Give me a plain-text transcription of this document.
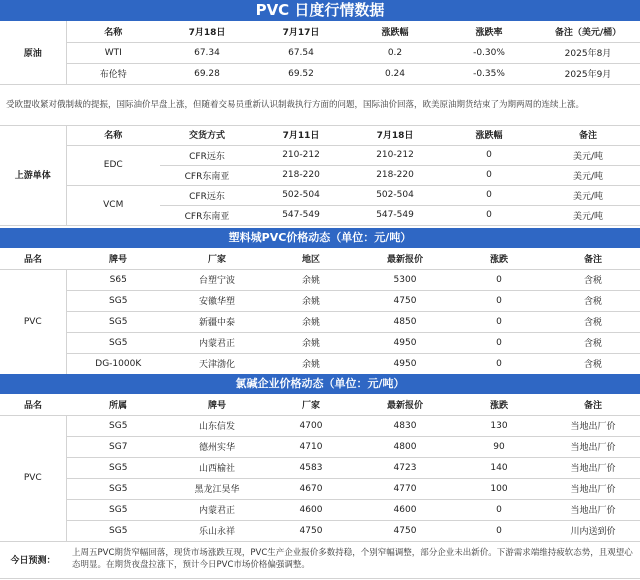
PVC 日度行情数据
原油	名称	7月18日	7月17日	涨跌幅	涨跌率	备注（美元/桶）
	WTI	67.34	67.54	0.2	-0.30%	2025年8月
	布伦特	69.28	69.52	0.24	-0.35%	2025年9月
受欧盟收紧对俄制裁的提振，国际油价早盘上涨，但随着交易员重新认识制裁执行方面的问题，国际油价回落，欧美原油期货结束了为期两周的连续上涨。						
上游单体	名称	交货方式	7月11日	7月18日	涨跌幅	备注
	EDC	CFR远东	210-212	210-212	0	美元/吨
		CFR东南亚	218-220	218-220	0	美元/吨
	VCM	CFR远东	502-504	502-504	0	美元/吨
		CFR东南亚	547-549	547-549	0	美元/吨
塑料城PVC价格动态（单位：元/吨）
品名	牌号	厂家	地区	最新报价	涨跌	备注
PVC	S65	台塑宁波	余姚	5300	0	含税
	SG5	安徽华塑	余姚	4750	0	含税
	SG5	新疆中泰	余姚	4850	0	含税
	SG5	内蒙君正	余姚	4950	0	含税
	DG-1000K	天津渤化	余姚	4950	0	含税
氯碱企业价格动态（单位：元/吨）
品名	所属	牌号	厂家	最新报价	涨跌	备注
PVC	SG5	山东信发	4700	4830	130	当地出厂价
	SG7	德州实华	4710	4800	90	当地出厂价
	SG5	山西榆社	4583	4723	140	当地出厂价
	SG5	黑龙江昊华	4670	4770	100	当地出厂价
	SG5	内蒙君正	4600	4600	0	当地出厂价
	SG5	乐山永祥	4750	4750	0	川内送到价
今日预测：	上周五PVC期货窄幅回落，现货市场涨跌互现，PVC生产企业报价多数持稳，个别窄幅调整，部分企业未出新价。下游需求端维持疲软态势，且观望心态明显。在期货夜盘拉涨下，预计今日PVC市场价格偏强调整。
